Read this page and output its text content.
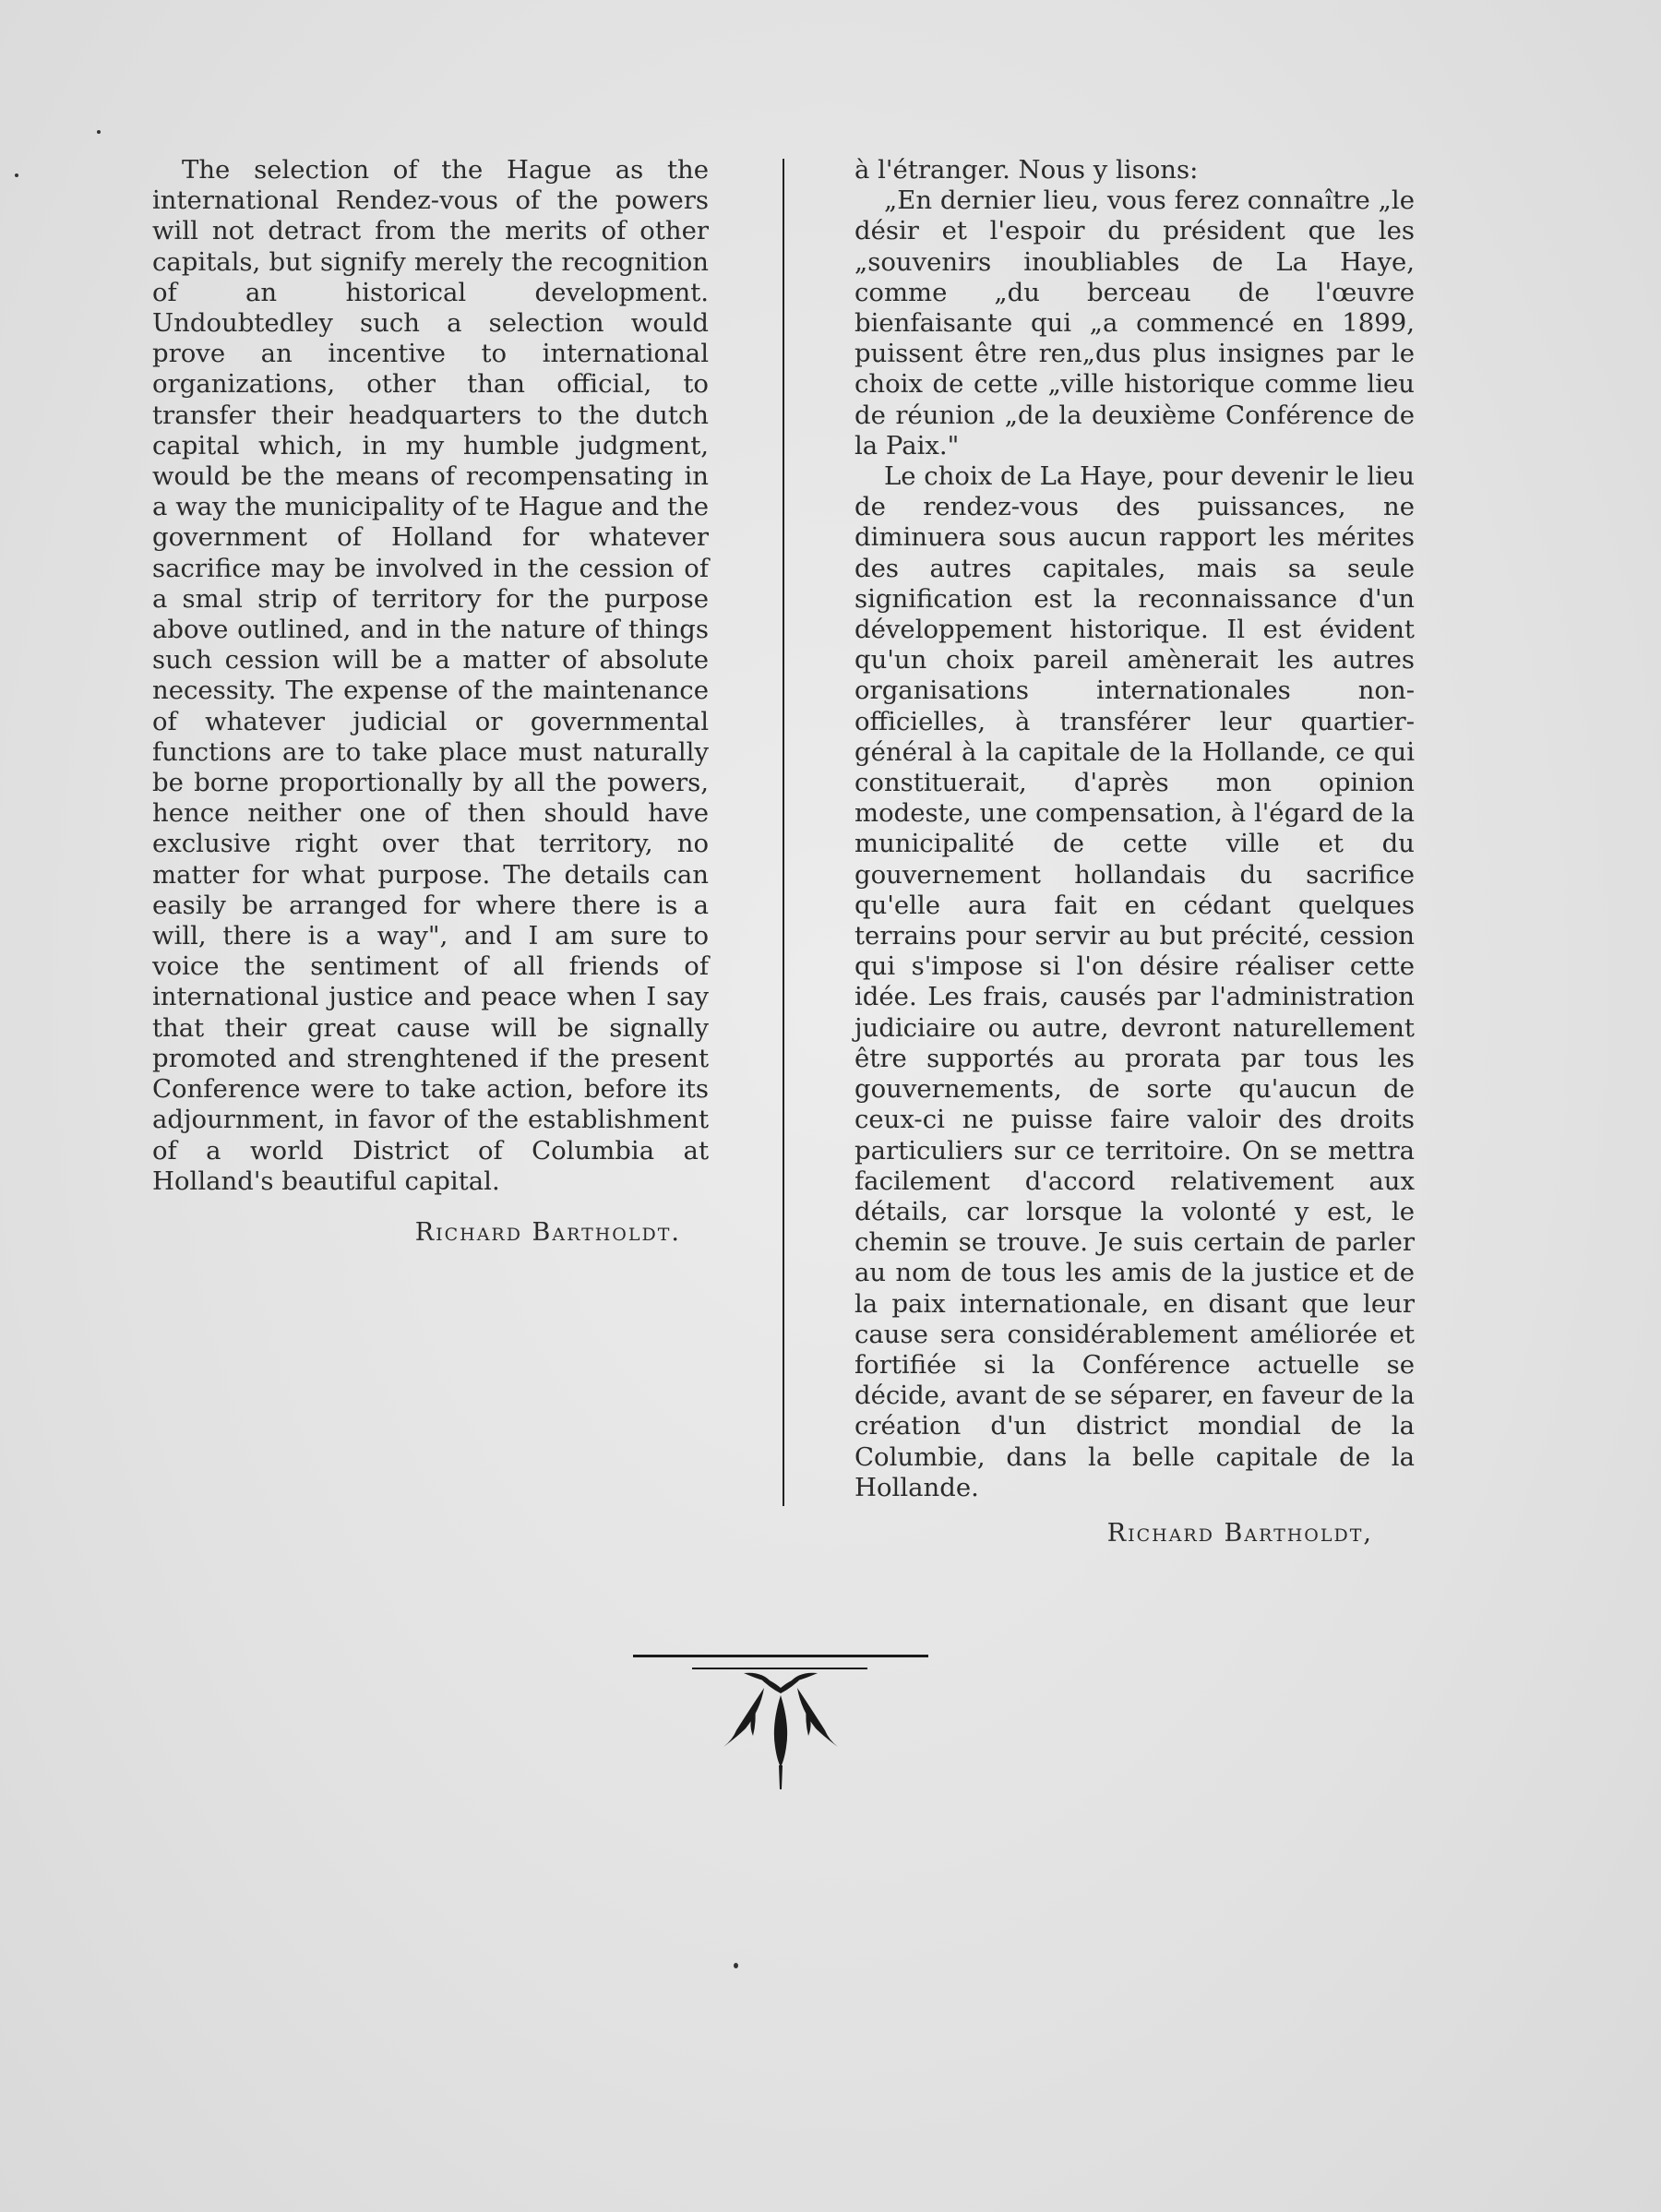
The selection of the Hague as the international Rendez-vous of the powers will not detract from the merits of other capitals, but signify merely the recognition of an historical development. Undoubtedley such a selection would prove an incentive to international organizations, other than official, to transfer their headquarters to the dutch capital which, in my humble judgment, would be the means of recompensating in a way the municipality of te Hague and the government of Holland for whatever sacrifice may be involved in the cession of a smal strip of territory for the purpose above outlined, and in the nature of things such cession will be a matter of absolute necessity. The expense of the maintenance of whatever judicial or governmental functions are to take place must naturally be borne proportionally by all the powers, hence neither one of then should have exclusive right over that territory, no matter for what purpose. The details can easily be arranged for where there is a will, there is a way", and I am sure to voice the sentiment of all friends of international justice and peace when I say that their great cause will be signally promoted and strenghtened if the present Conference were to take action, before its adjournment, in favor of the establishment of a world District of Columbia at Holland's beautiful capital.

Richard Bartholdt.

à l'étranger. Nous y lisons:

„En dernier lieu, vous ferez connaître „le désir et l'espoir du président que les „souvenirs inoubliables de La Haye, comme „du berceau de l'œuvre bienfaisante qui „a commencé en 1899, puissent être ren„dus plus insignes par le choix de cette „ville historique comme lieu de réunion „de la deuxième Conférence de la Paix."

Le choix de La Haye, pour devenir le lieu de rendez-vous des puissances, ne diminuera sous aucun rapport les mérites des autres capitales, mais sa seule signification est la reconnaissance d'un développement historique. Il est évident qu'un choix pareil amènerait les autres organisations internationales non-officielles, à transférer leur quartier-général à la capitale de la Hollande, ce qui constituerait, d'après mon opinion modeste, une compensation, à l'égard de la municipalité de cette ville et du gouvernement hollandais du sacrifice qu'elle aura fait en cédant quelques terrains pour servir au but précité, cession qui s'impose si l'on désire réaliser cette idée. Les frais, causés par l'administration judiciaire ou autre, devront naturellement être supportés au prorata par tous les gouvernements, de sorte qu'aucun de ceux-ci ne puisse faire valoir des droits particuliers sur ce territoire. On se mettra facilement d'accord relativement aux détails, car lorsque la volonté y est, le chemin se trouve. Je suis certain de parler au nom de tous les amis de la justice et de la paix internationale, en disant que leur cause sera considérablement améliorée et fortifiée si la Conférence actuelle se décide, avant de se séparer, en faveur de la création d'un district mondial de la Columbie, dans la belle capitale de la Hollande.

Richard Bartholdt,
